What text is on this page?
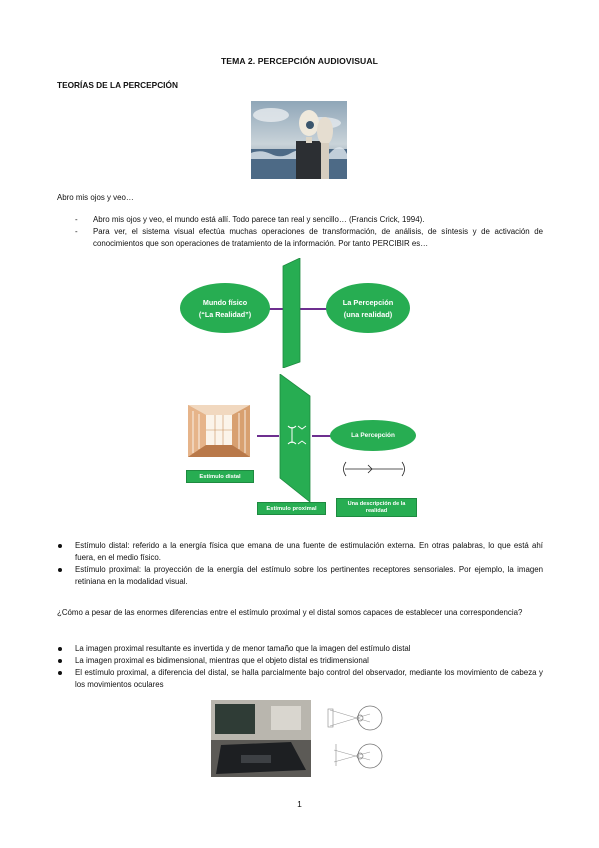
TEMA 2. PERCEPCIÓN AUDIOVISUAL
TEORÍAS DE LA PERCEPCIÓN
Abro mis ojos y veo…
- Abro mis ojos y veo, el mundo está allí. Todo parece tan real y sencillo… (Francis Crick, 1994).
- Para ver, el sistema visual efectúa muchas operaciones de transformación, de análisis, de síntesis y de activación de conocimientos que son operaciones de tratamiento de la información. Por tanto PERCIBIR es…
Mundo físico
(“La Realidad”)
La Percepción
(una realidad)
La Percepción
Estímulo distal
Estímulo proximal
Una descripción de la realidad
Estímulo distal: referido a la energía física que emana de una fuente de estimulación externa. En otras palabras, lo que está ahí fuera, en el medio físico.
Estímulo proximal: la proyección de la energía del estímulo sobre los pertinentes receptores sensoriales. Por ejemplo, la imagen retiniana en la modalidad visual.
¿Cómo a pesar de las enormes diferencias entre el estímulo proximal y el distal somos capaces de establecer una correspondencia?
La imagen proximal resultante es invertida y de menor tamaño que la imagen del estímulo distal
La imagen proximal es bidimensional, mientras que el objeto distal es tridimensional
El estímulo proximal, a diferencia del distal, se halla parcialmente bajo control del observador, mediante los movimiento de cabeza y los movimientos oculares
1
